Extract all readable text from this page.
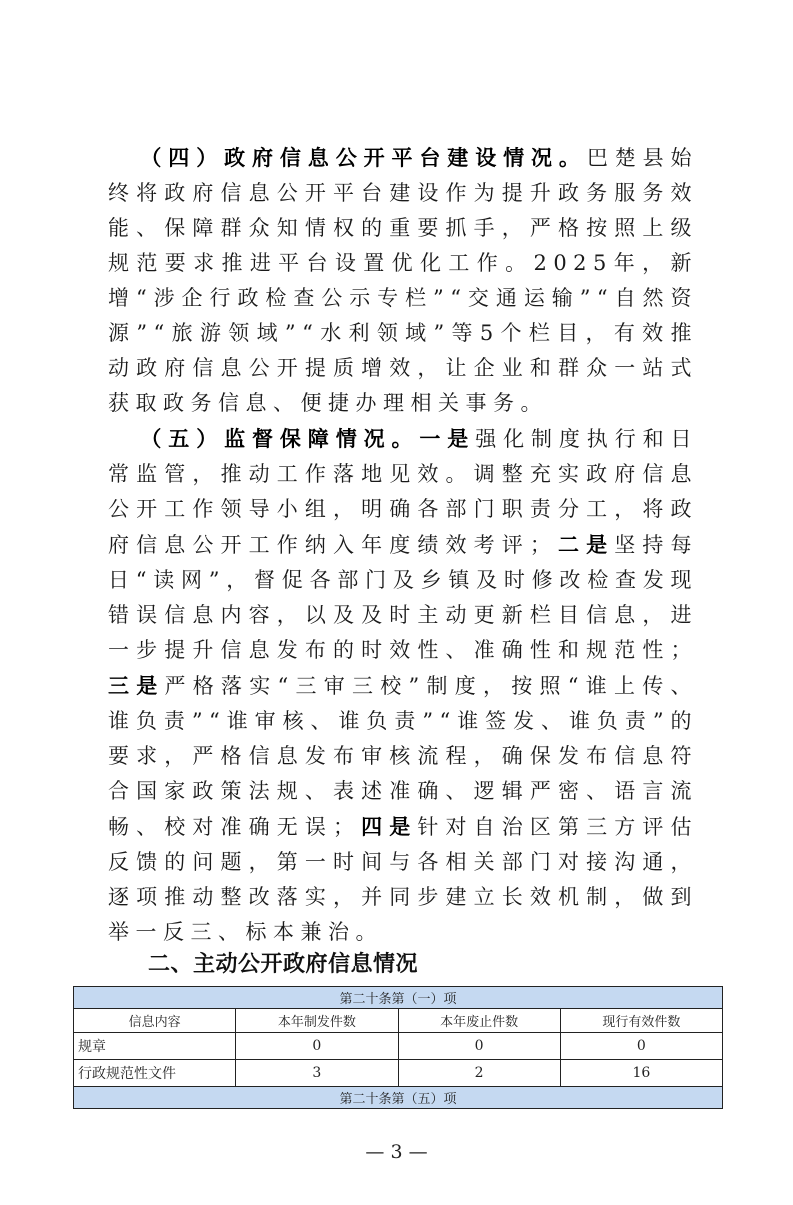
（四）政府信息公开平台建设情况。巴楚县始终将政府信息公开平台建设作为提升政务服务效能、保障群众知情权的重要抓手，严格按照上级规范要求推进平台设置优化工作。2025年，新增“涉企行政检查公示专栏”“交通运输”“自然资源”“旅游领域”“水利领域”等5个栏目，有效推动政府信息公开提质增效，让企业和群众一站式获取政务信息、便捷办理相关事务。

（五）监督保障情况。一是强化制度执行和日常监管，推动工作落地见效。调整充实政府信息公开工作领导小组，明确各部门职责分工，将政府信息公开工作纳入年度绩效考评；二是坚持每日“读网”，督促各部门及乡镇及时修改检查发现错误信息内容，以及及时主动更新栏目信息，进一步提升信息发布的时效性、准确性和规范性；三是严格落实“三审三校”制度，按照“谁上传、谁负责”“谁审核、谁负责”“谁签发、谁负责”的要求，严格信息发布审核流程，确保发布信息符合国家政策法规、表述准确、逻辑严密、语言流畅、校对准确无误；四是针对自治区第三方评估反馈的问题，第一时间与各相关部门对接沟通，逐项推动整改落实，并同步建立长效机制，做到举一反三、标本兼治。

二、主动公开政府信息情况
第二十条第（一）项			
信息内容	本年制发件数	本年废止件数	现行有效件数
规章	0	0	0
行政规范性文件	3	2	16
第二十条第（五）项			
— 3 —
